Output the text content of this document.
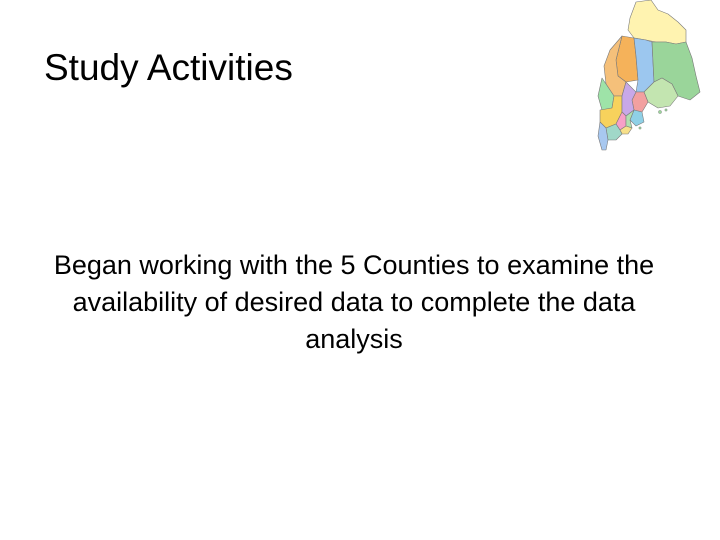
Study Activities
Began working with the 5 Counties to examine the availability of desired data to complete the data analysis
